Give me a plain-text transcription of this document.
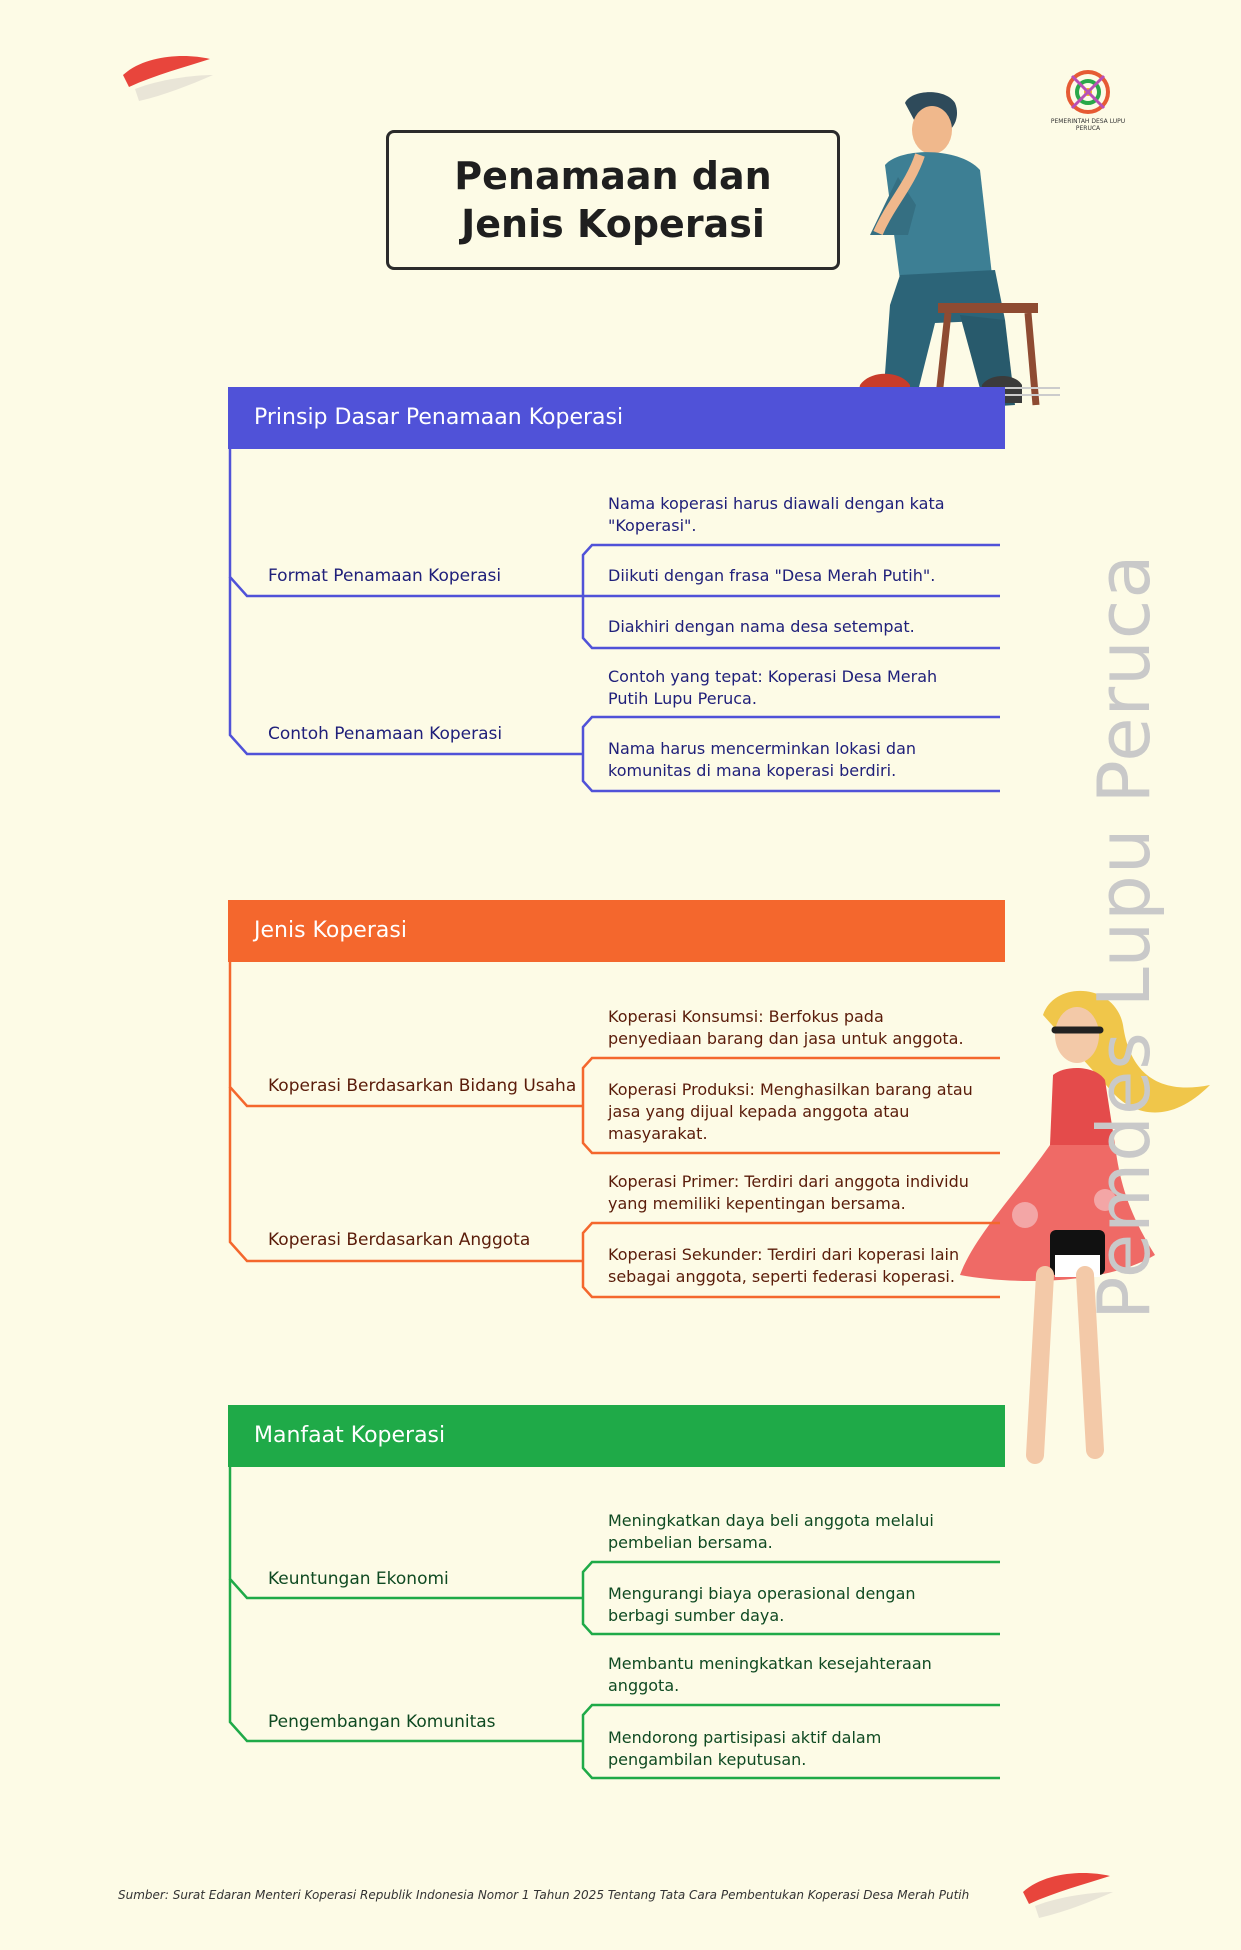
PEMERINTAH DESA LUPU PERUCA
Penamaan dan Jenis Koperasi
Pemdes Lupu Peruca
Prinsip Dasar Penamaan Koperasi
Format Penamaan Koperasi
Contoh Penamaan Koperasi
Nama koperasi harus diawali dengan kata "Koperasi".
Diikuti dengan frasa "Desa Merah Putih".
Diakhiri dengan nama desa setempat.
Contoh yang tepat: Koperasi Desa Merah Putih Lupu Peruca.
Nama harus mencerminkan lokasi dan komunitas di mana koperasi berdiri.
Jenis Koperasi
Koperasi Berdasarkan Bidang Usaha
Koperasi Berdasarkan Anggota
Koperasi Konsumsi: Berfokus pada penyediaan barang dan jasa untuk anggota.
Koperasi Produksi: Menghasilkan barang atau jasa yang dijual kepada anggota atau masyarakat.
Koperasi Primer: Terdiri dari anggota individu yang memiliki kepentingan bersama.
Koperasi Sekunder: Terdiri dari koperasi lain sebagai anggota, seperti federasi koperasi.
Manfaat Koperasi
Keuntungan Ekonomi
Pengembangan Komunitas
Meningkatkan daya beli anggota melalui pembelian bersama.
Mengurangi biaya operasional dengan berbagi sumber daya.
Membantu meningkatkan kesejahteraan anggota.
Mendorong partisipasi aktif dalam pengambilan keputusan.
Sumber: Surat Edaran Menteri Koperasi Republik Indonesia Nomor 1 Tahun 2025 Tentang Tata Cara Pembentukan Koperasi Desa Merah Putih
